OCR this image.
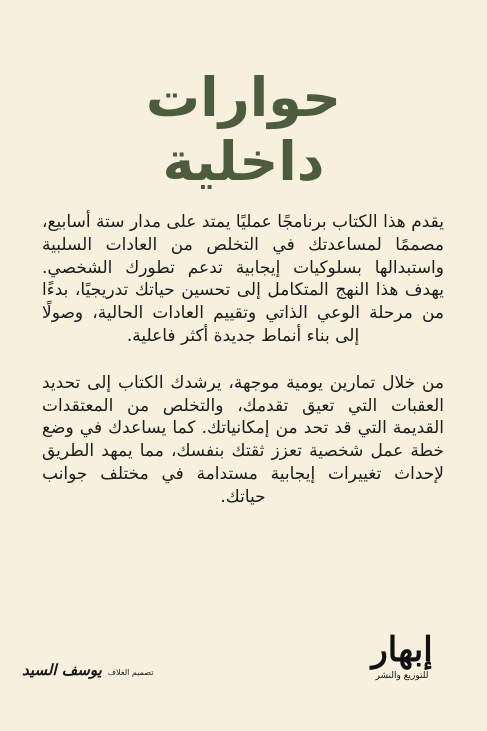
حوارات
داخلية

يقدم هذا الكتاب برنامجًا عمليًا يمتد على مدار ستة أسابيع، مصممًا لمساعدتك في التخلص من العادات السلبية واستبدالها بسلوكيات إيجابية تدعم تطورك الشخصي. يهدف هذا النهج المتكامل إلى تحسين حياتك تدريجيًا، بدءًا من مرحلة الوعي الذاتي وتقييم العادات الحالية، وصولًا إلى بناء أنماط جديدة أكثر فاعلية.

من خلال تمارين يومية موجهة، يرشدك الكتاب إلى تحديد العقبات التي تعيق تقدمك، والتخلص من المعتقدات القديمة التي قد تحد من إمكانياتك. كما يساعدك في وضع خطة عمل شخصية تعزز ثقتك بنفسك، مما يمهد الطريق لإحداث تغييرات إيجابية مستدامة في مختلف جوانب حياتك.

تصميم الغلاف
يوسف السيد	إبهار
للتوزيع والنشر
